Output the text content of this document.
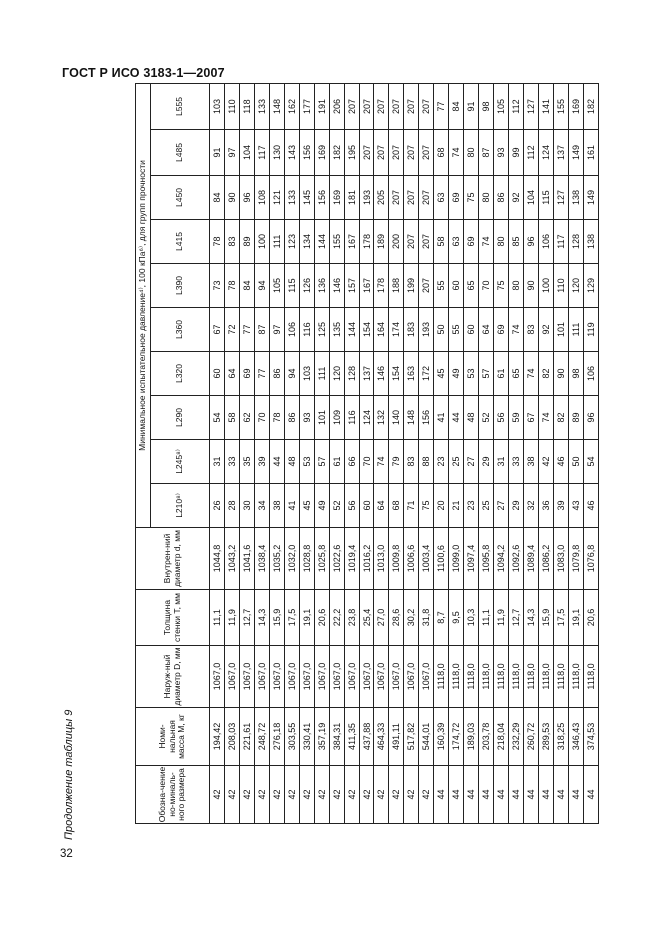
ГОСТ Р ИСО 3183-1—2007
32
Продолжение таблицы 9	Обозна-чение но-миналь-ного размера	Номи-нальная масса M, кг	Наруж-ный диаметр D, мм	Толщина стенки T, мм	Внутрен-ний диаметр d, мм	Минимальное испытательное давление⁴⁾, 100 кПа⁶⁾, для групп прочности									
					L210⁸⁾	L245⁸⁾	L290	L320	L360	L390	L415	L450	L485	L555
42	194,42	1067,0	11,1	1044,8	26	31	54	60	67	73	78	84	91	103
42	208,03	1067,0	11,9	1043,2	28	33	58	64	72	78	83	90	97	110
42	221,61	1067,0	12,7	1041,6	30	35	62	69	77	84	89	96	104	118
42	248,72	1067,0	14,3	1038,4	34	39	70	77	87	94	100	108	117	133
42	276,18	1067,0	15,9	1035,2	38	44	78	86	97	105	111	121	130	148
42	303,55	1067,0	17,5	1032,0	41	48	86	94	106	115	123	133	143	162
42	330,41	1067,0	19,1	1028,8	45	53	93	103	116	126	134	145	156	177
42	357,19	1067,0	20,6	1025,8	49	57	101	111	125	136	144	156	169	191
42	384,31	1067,0	22,2	1022,6	52	61	109	120	135	146	155	169	182	206
42	411,35	1067,0	23,8	1019,4	56	66	116	128	144	157	167	181	195	207
42	437,88	1067,0	25,4	1016,2	60	70	124	137	154	167	178	193	207	207
42	464,33	1067,0	27,0	1013,0	64	74	132	146	164	178	189	205	207	207
42	491,11	1067,0	28,6	1009,8	68	79	140	154	174	188	200	207	207	207
42	517,82	1067,0	30,2	1006,6	71	83	148	163	183	199	207	207	207	207
42	544,01	1067,0	31,8	1003,4	75	88	156	172	193	207	207	207	207	207
44	160,39	1118,0	8,7	1100,6	20	23	41	45	50	55	58	63	68	77
44	174,72	1118,0	9,5	1099,0	21	25	44	49	55	60	63	69	74	84
44	189,03	1118,0	10,3	1097,4	23	27	48	53	60	65	69	75	80	91
44	203,78	1118,0	11,1	1095,8	25	29	52	57	64	70	74	80	87	98
44	218,04	1118,0	11,9	1094,2	27	31	56	61	69	75	80	86	93	105
44	232,29	1118,0	12,7	1092,6	29	33	59	65	74	80	85	92	99	112
44	260,72	1118,0	14,3	1089,4	32	38	67	74	83	90	96	104	112	127
44	289,53	1118,0	15,9	1086,2	36	42	74	82	92	100	106	115	124	141
44	318,25	1118,0	17,5	1083,0	39	46	82	90	101	110	117	127	137	155
44	346,43	1118,0	19,1	1079,8	43	50	89	98	111	120	128	138	149	169
44	374,53	1118,0	20,6	1076,8	46	54	96	106	119	129	138	149	161	182
